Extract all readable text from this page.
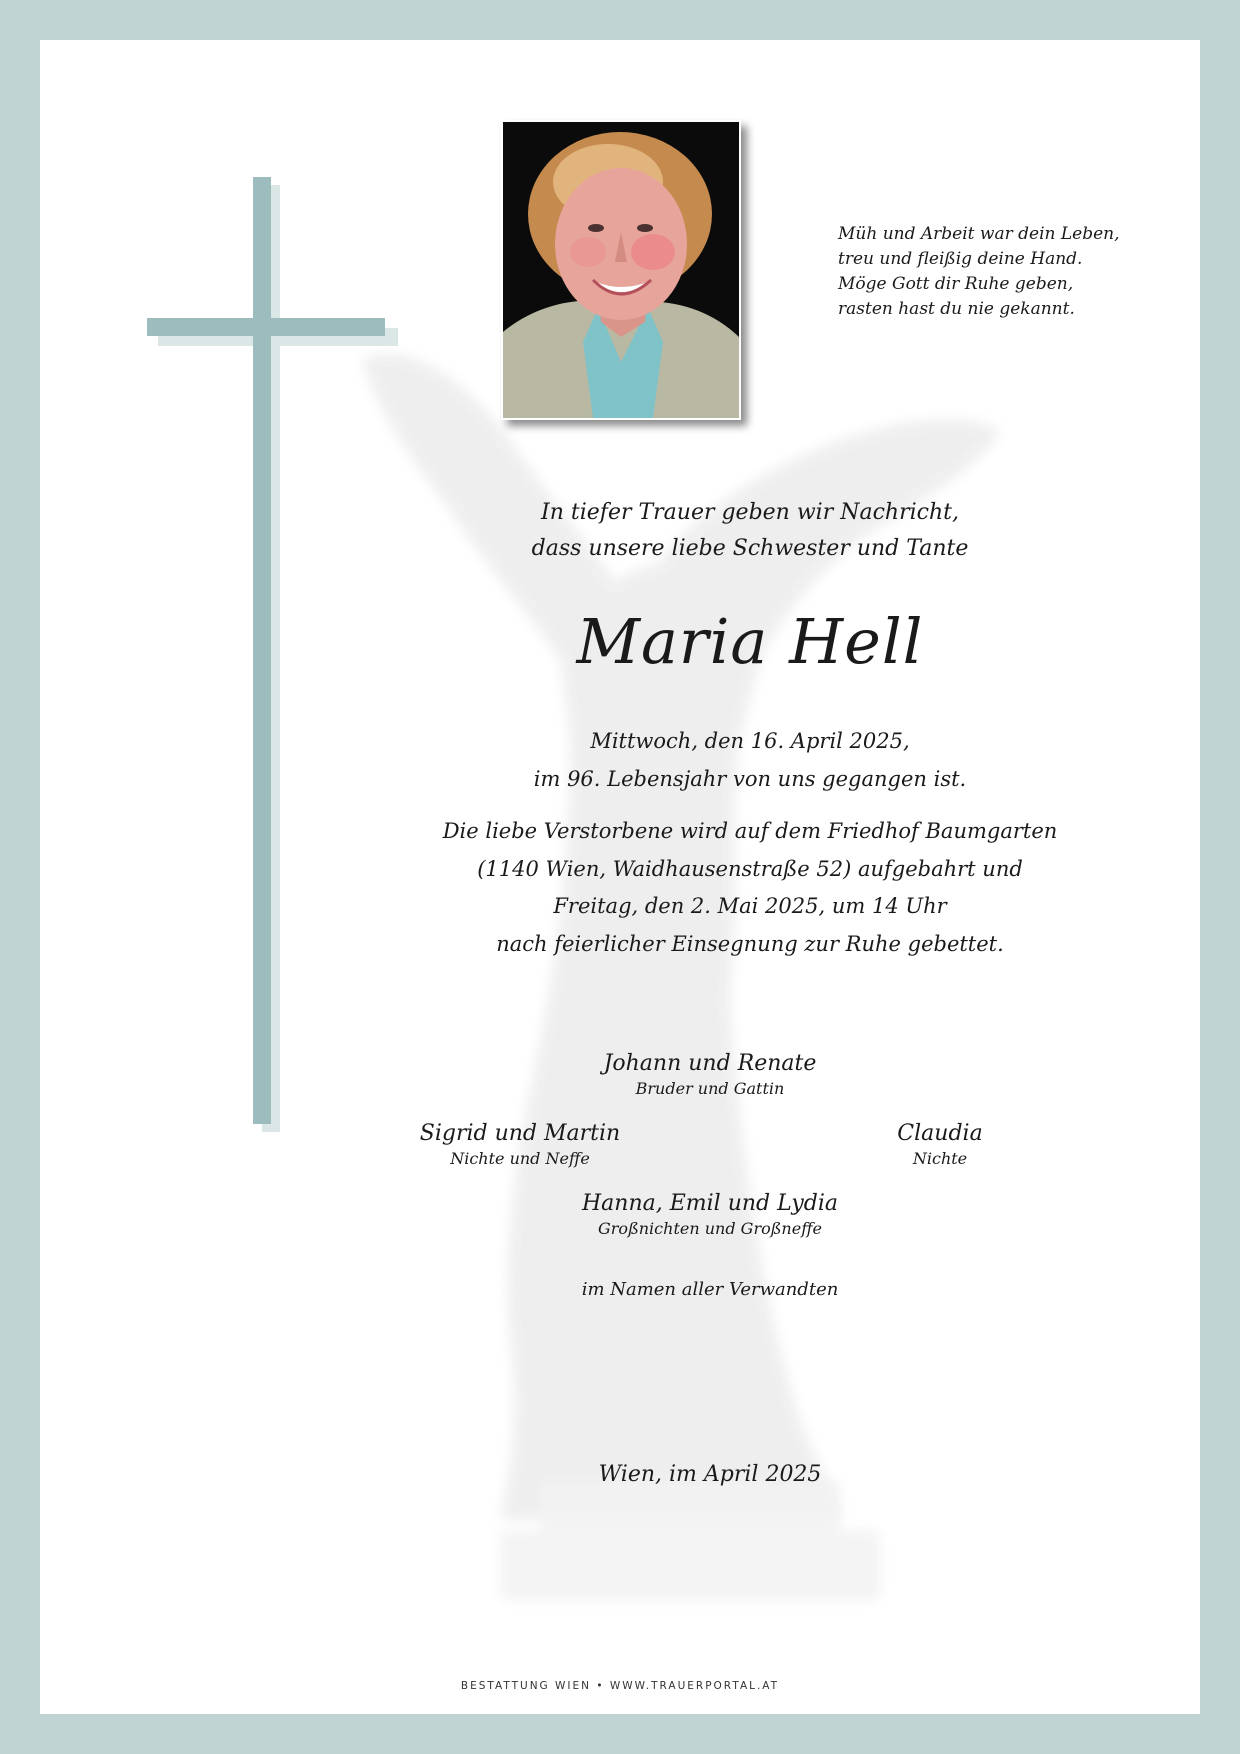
Müh und Arbeit war dein Leben,
treu und fleißig deine Hand.
Möge Gott dir Ruhe geben,
rasten hast du nie gekannt.
In tiefer Trauer geben wir Nachricht,
dass unsere liebe Schwester und Tante
Maria Hell
Mittwoch, den 16. April 2025,
im 96. Lebensjahr von uns gegangen ist.
Die liebe Verstorbene wird auf dem Friedhof Baumgarten
(1140 Wien, Waidhausenstraße 52) aufgebahrt und
Freitag, den 2. Mai 2025, um 14 Uhr
nach feierlicher Einsegnung zur Ruhe gebettet.
Johann und Renate
Bruder und Gattin
Sigrid und Martin
Nichte und Neffe
Claudia
Nichte
Hanna, Emil und Lydia
Großnichten und Großneffe
im Namen aller Verwandten
Wien, im April 2025
BESTATTUNG WIEN • WWW.TRAUERPORTAL.AT
